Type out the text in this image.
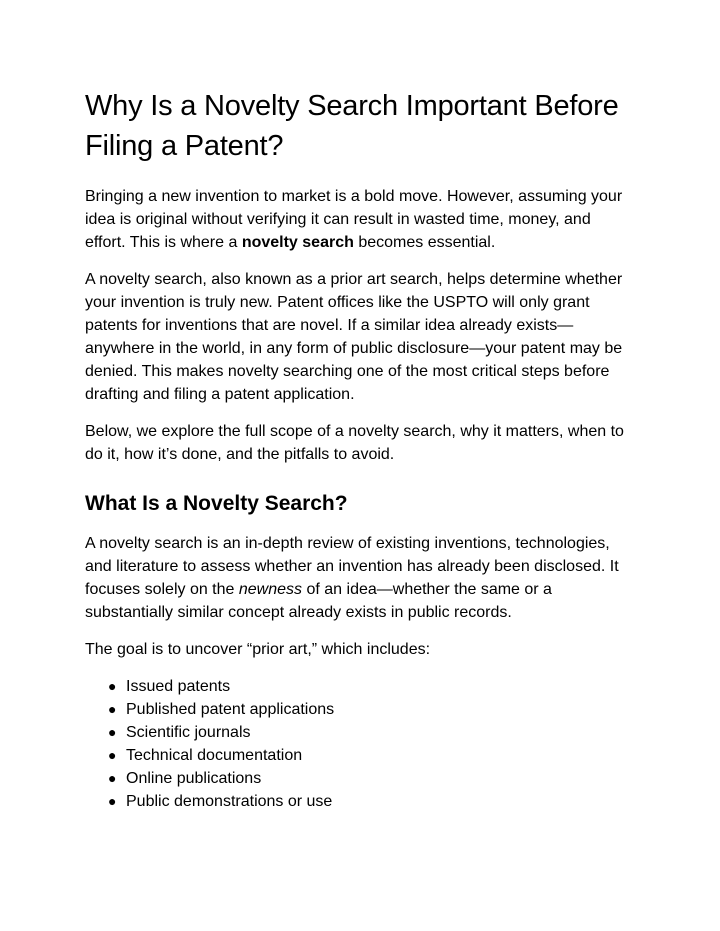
Why Is a Novelty Search Important Before Filing a Patent?

Bringing a new invention to market is a bold move. However, assuming your idea is original without verifying it can result in wasted time, money, and effort. This is where a novelty search becomes essential.

A novelty search, also known as a prior art search, helps determine whether your invention is truly new. Patent offices like the USPTO will only grant patents for inventions that are novel. If a similar idea already exists—anywhere in the world, in any form of public disclosure—your patent may be denied. This makes novelty searching one of the most critical steps before drafting and filing a patent application.

Below, we explore the full scope of a novelty search, why it matters, when to do it, how it’s done, and the pitfalls to avoid.

What Is a Novelty Search?

A novelty search is an in-depth review of existing inventions, technologies, and literature to assess whether an invention has already been disclosed. It focuses solely on the newness of an idea—whether the same or a substantially similar concept already exists in public records.

The goal is to uncover “prior art,” which includes:

● Issued patents
● Published patent applications
● Scientific journals
● Technical documentation
● Online publications
● Public demonstrations or use
